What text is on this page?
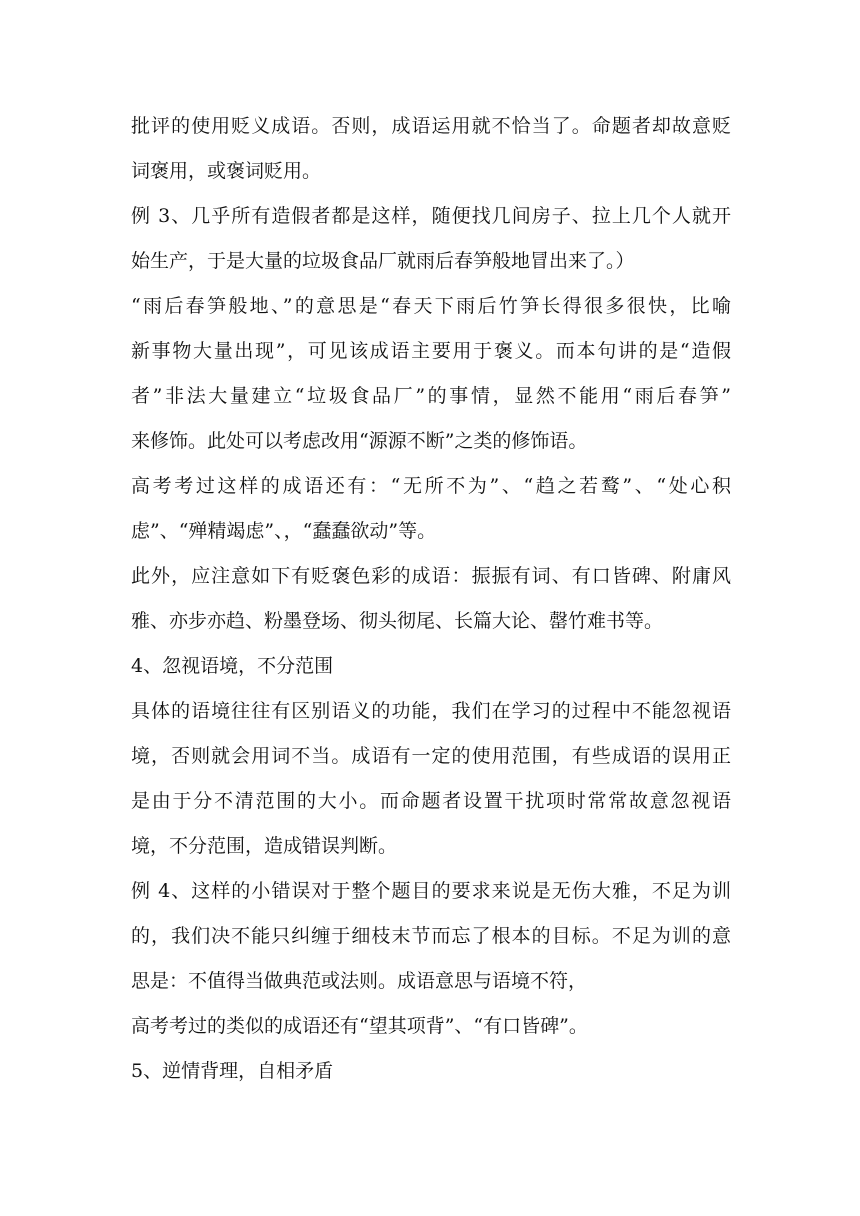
批评的使用贬义成语。否则，成语运用就不恰当了。命题者却故意贬
词褒用，或褒词贬用。
例 3、几乎所有造假者都是这样，随便找几间房子、拉上几个人就开
始生产，于是大量的垃圾食品厂就雨后春笋般地冒出来了。）
“雨后春笋般地、”的意思是“春天下雨后竹笋长得很多很快，比喻
新事物大量出现”，可见该成语主要用于褒义。而本句讲的是“造假
者”非法大量建立“垃圾食品厂”的事情，显然不能用“雨后春笋”
来修饰。此处可以考虑改用“源源不断”之类的修饰语。
高考考过这样的成语还有：“无所不为”、“趋之若鹜”、“处心积
虑”、“殚精竭虑”、，“蠢蠢欲动”等。
此外，应注意如下有贬褒色彩的成语：振振有词、有口皆碑、附庸风
雅、亦步亦趋、粉墨登场、彻头彻尾、长篇大论、罄竹难书等。
4、忽视语境，不分范围
具体的语境往往有区别语义的功能，我们在学习的过程中不能忽视语
境，否则就会用词不当。成语有一定的使用范围，有些成语的误用正
是由于分不清范围的大小。而命题者设置干扰项时常常故意忽视语
境，不分范围，造成错误判断。
例 4、这样的小错误对于整个题目的要求来说是无伤大雅，不足为训
的，我们决不能只纠缠于细枝末节而忘了根本的目标。不足为训的意
思是：不值得当做典范或法则。成语意思与语境不符，
高考考过的类似的成语还有“望其项背”、“有口皆碑”。
5、逆情背理，自相矛盾
